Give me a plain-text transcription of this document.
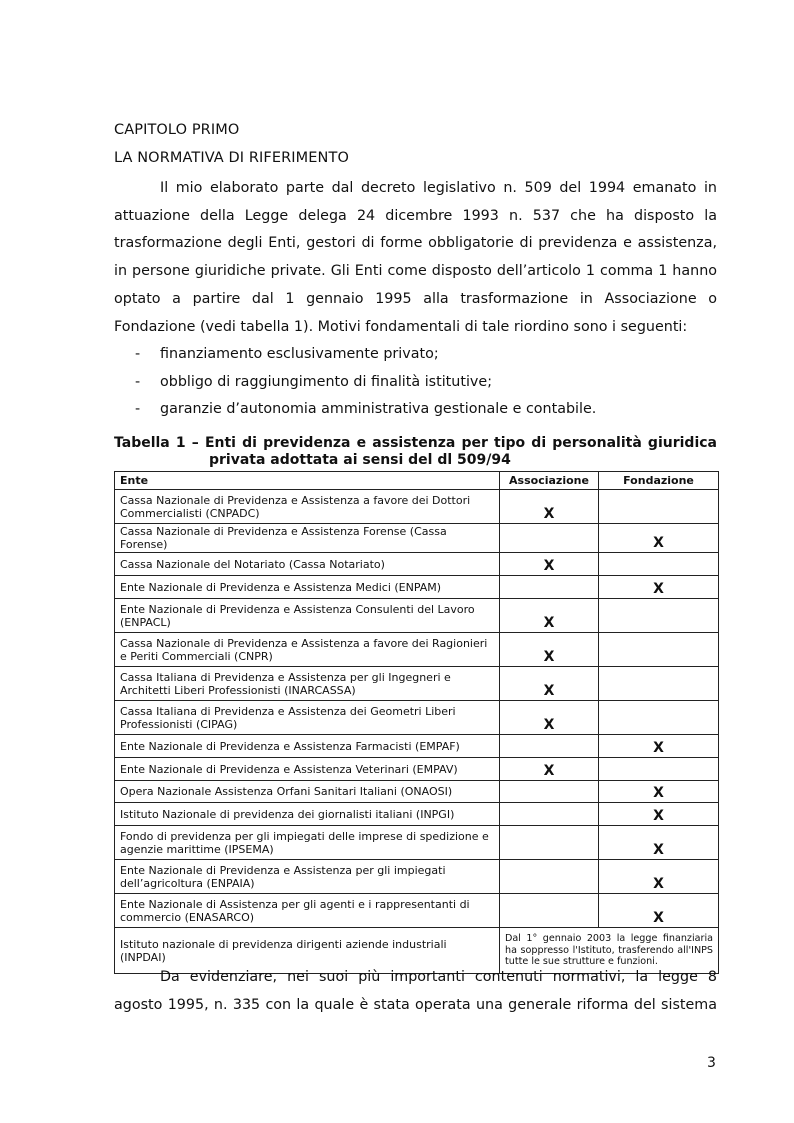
CAPITOLO PRIMO
LA NORMATIVA DI RIFERIMENTO
Il mio elaborato parte dal decreto legislativo n. 509 del 1994 emanato in
attuazione della Legge delega 24 dicembre 1993 n. 537 che ha disposto la
trasformazione degli Enti, gestori di forme obbligatorie di previdenza e assistenza,
in persone giuridiche private. Gli Enti come disposto dell’articolo 1 comma 1 hanno
optato a partire dal 1 gennaio 1995 alla trasformazione in Associazione o
Fondazione (vedi tabella 1). Motivi fondamentali di tale riordino sono i seguenti:
- finanziamento esclusivamente privato;
- obbligo di raggiungimento di finalità istitutive;
- garanzie d’autonomia amministrativa gestionale e contabile.
Tabella 1 – Enti di previdenza e assistenza per tipo di personalità giuridica
privata adottata ai sensi del dl 509/94
Ente	Associazione	Fondazione
Cassa Nazionale di Previdenza e Assistenza a favore dei Dottori Commercialisti (CNPADC)	X	
Cassa Nazionale di Previdenza e Assistenza Forense (Cassa Forense)		X
Cassa Nazionale del Notariato (Cassa Notariato)	X	
Ente Nazionale di Previdenza e Assistenza Medici (ENPAM)		X
Ente Nazionale di Previdenza e Assistenza Consulenti del Lavoro (ENPACL)	X	
Cassa Nazionale di Previdenza e Assistenza a favore dei Ragionieri e Periti Commerciali (CNPR)	X	
Cassa Italiana di Previdenza e Assistenza per gli Ingegneri e Architetti Liberi Professionisti (INARCASSA)	X	
Cassa Italiana di Previdenza e Assistenza dei Geometri Liberi Professionisti (CIPAG)	X	
Ente Nazionale di Previdenza e Assistenza Farmacisti (EMPAF)		X
Ente Nazionale di Previdenza e Assistenza Veterinari (EMPAV)	X	
Opera Nazionale Assistenza Orfani Sanitari Italiani (ONAOSI)		X
Istituto Nazionale di previdenza dei giornalisti italiani (INPGI)		X
Fondo di previdenza per gli impiegati delle imprese di spedizione e agenzie marittime (IPSEMA)		X
Ente Nazionale di Previdenza e Assistenza per gli impiegati dell’agricoltura (ENPAIA)		X
Ente Nazionale di Assistenza per gli agenti e i rappresentanti di commercio (ENASARCO)		X
Istituto nazionale di previdenza dirigenti aziende industriali (INPDAI)	Dal 1° gennaio 2003 la legge finanziaria ha soppresso l'Istituto, trasferendo all'INPS tutte le sue strutture e funzioni.	
Da evidenziare, nei suoi più importanti contenuti normativi, la legge 8
agosto 1995, n. 335 con la quale è stata operata una generale riforma del sistema
3
